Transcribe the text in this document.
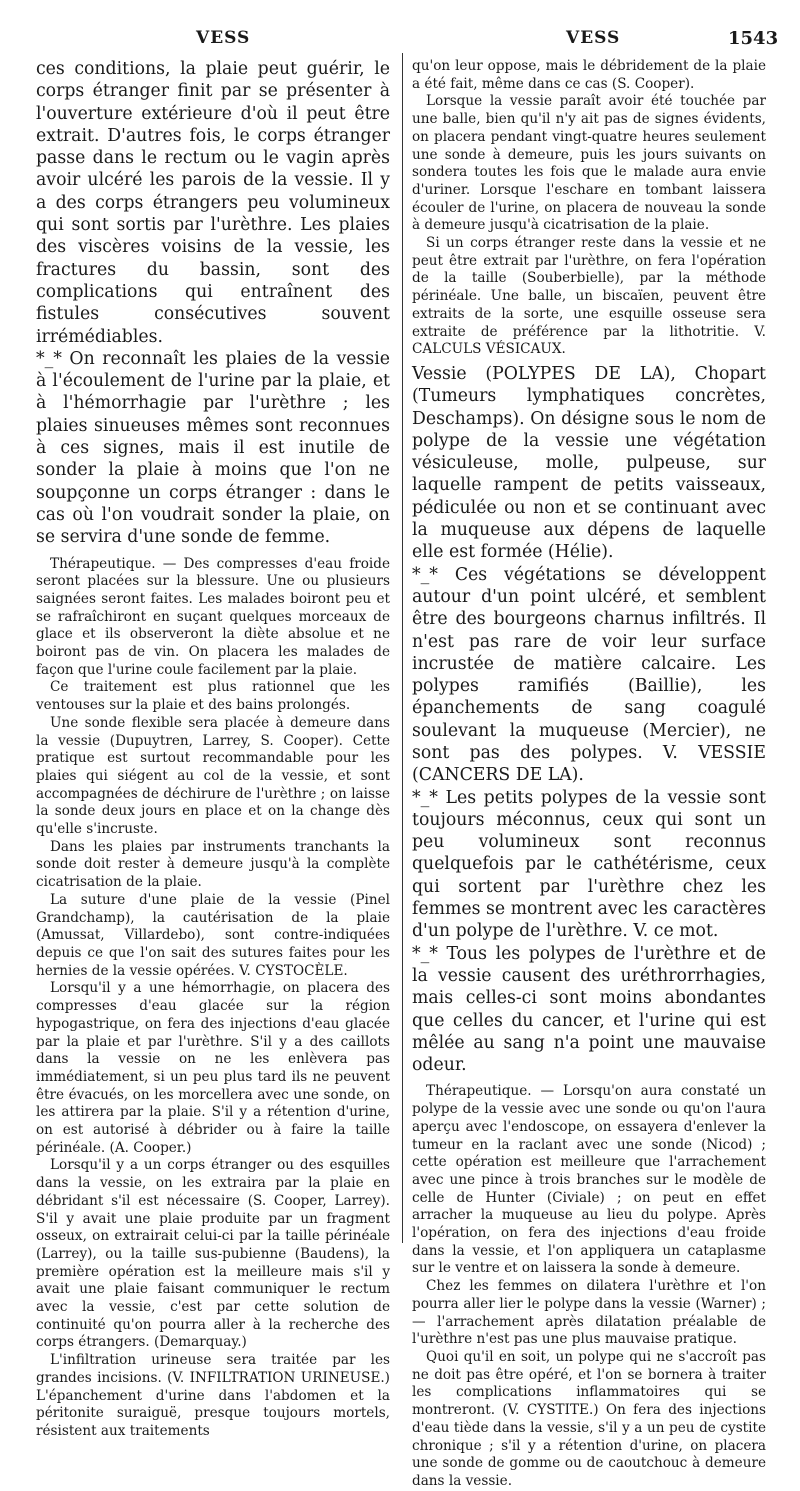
VESS	VESS	1543

ces conditions, la plaie peut guérir, le corps étranger finit par se présenter à l'ouverture extérieure d'où il peut être extrait. D'autres fois, le corps étranger passe dans le rectum ou le vagin après avoir ulcéré les parois de la vessie. Il y a des corps étrangers peu volumineux qui sont sortis par l'urèthre. Les plaies des viscères voisins de la vessie, les fractures du bassin, sont des complications qui entraînent des fistules consécutives souvent irrémédiables.

*_* On reconnaît les plaies de la vessie à l'écoulement de l'urine par la plaie, et à l'hémorrhagie par l'urèthre ; les plaies sinueuses mêmes sont reconnues à ces signes, mais il est inutile de sonder la plaie à moins que l'on ne soupçonne un corps étranger : dans le cas où l'on voudrait sonder la plaie, on se servira d'une sonde de femme.

Thérapeutique. — Des compresses d'eau froide seront placées sur la blessure. Une ou plusieurs saignées seront faites. Les malades boiront peu et se rafraîchiront en suçant quelques morceaux de glace et ils observeront la diète absolue et ne boiront pas de vin. On placera les malades de façon que l'urine coule facilement par la plaie.

Ce traitement est plus rationnel que les ventouses sur la plaie et des bains prolongés.

Une sonde flexible sera placée à demeure dans la vessie (Dupuytren, Larrey, S. Cooper). Cette pratique est surtout recommandable pour les plaies qui siégent au col de la vessie, et sont accompagnées de déchirure de l'urèthre ; on laisse la sonde deux jours en place et on la change dès qu'elle s'incruste.

Dans les plaies par instruments tranchants la sonde doit rester à demeure jusqu'à la complète cicatrisation de la plaie.

La suture d'une plaie de la vessie (Pinel Grandchamp), la cautérisation de la plaie (Amussat, Villardebo), sont contre-indiquées depuis ce que l'on sait des sutures faites pour les hernies de la vessie opérées. V. CYSTOCÈLE.

Lorsqu'il y a une hémorrhagie, on placera des compresses d'eau glacée sur la région hypogastrique, on fera des injections d'eau glacée par la plaie et par l'urèthre. S'il y a des caillots dans la vessie on ne les enlèvera pas immédiatement, si un peu plus tard ils ne peuvent être évacués, on les morcellera avec une sonde, on les attirera par la plaie. S'il y a rétention d'urine, on est autorisé à débrider ou à faire la taille périnéale. (A. Cooper.)

Lorsqu'il y a un corps étranger ou des esquilles dans la vessie, on les extraira par la plaie en débridant s'il est nécessaire (S. Cooper, Larrey). S'il y avait une plaie produite par un fragment osseux, on extrairait celui-ci par la taille périnéale (Larrey), ou la taille sus-pubienne (Baudens), la première opération est la meilleure mais s'il y avait une plaie faisant communiquer le rectum avec la vessie, c'est par cette solution de continuité qu'on pourra aller à la recherche des corps étrangers. (Demarquay.)

L'infiltration urineuse sera traitée par les grandes incisions. (V. INFILTRATION URINEUSE.) L'épanchement d'urine dans l'abdomen et la péritonite suraiguë, presque toujours mortels, résistent aux traitements

qu'on leur oppose, mais le débridement de la plaie a été fait, même dans ce cas (S. Cooper).

Lorsque la vessie paraît avoir été touchée par une balle, bien qu'il n'y ait pas de signes évidents, on placera pendant vingt-quatre heures seulement une sonde à demeure, puis les jours suivants on sondera toutes les fois que le malade aura envie d'uriner. Lorsque l'eschare en tombant laissera écouler de l'urine, on placera de nouveau la sonde à demeure jusqu'à cicatrisation de la plaie.

Si un corps étranger reste dans la vessie et ne peut être extrait par l'urèthre, on fera l'opération de la taille (Souberbielle), par la méthode périnéale. Une balle, un biscaïen, peuvent être extraits de la sorte, une esquille osseuse sera extraite de préférence par la lithotritie. V. CALCULS VÉSICAUX.

Vessie (POLYPES DE LA), Chopart (Tumeurs lymphatiques concrètes, Deschamps). On désigne sous le nom de polype de la vessie une végétation vésiculeuse, molle, pulpeuse, sur laquelle rampent de petits vaisseaux, pédiculée ou non et se continuant avec la muqueuse aux dépens de laquelle elle est formée (Hélie).

*_* Ces végétations se développent autour d'un point ulcéré, et semblent être des bourgeons charnus infiltrés. Il n'est pas rare de voir leur surface incrustée de matière calcaire. Les polypes ramifiés (Baillie), les épanchements de sang coagulé soulevant la muqueuse (Mercier), ne sont pas des polypes. V. VESSIE (CANCERS DE LA).

*_* Les petits polypes de la vessie sont toujours méconnus, ceux qui sont un peu volumineux sont reconnus quelquefois par le cathétérisme, ceux qui sortent par l'urèthre chez les femmes se montrent avec les caractères d'un polype de l'urèthre. V. ce mot.

*_* Tous les polypes de l'urèthre et de la vessie causent des uréthrorrhagies, mais celles-ci sont moins abondantes que celles du cancer, et l'urine qui est mêlée au sang n'a point une mauvaise odeur.

Thérapeutique. — Lorsqu'on aura constaté un polype de la vessie avec une sonde ou qu'on l'aura aperçu avec l'endoscope, on essayera d'enlever la tumeur en la raclant avec une sonde (Nicod) ; cette opération est meilleure que l'arrachement avec une pince à trois branches sur le modèle de celle de Hunter (Civiale) ; on peut en effet arracher la muqueuse au lieu du polype. Après l'opération, on fera des injections d'eau froide dans la vessie, et l'on appliquera un cataplasme sur le ventre et on laissera la sonde à demeure.

Chez les femmes on dilatera l'urèthre et l'on pourra aller lier le polype dans la vessie (Warner) ; — l'arrachement après dilatation préalable de l'urèthre n'est pas une plus mauvaise pratique.

Quoi qu'il en soit, un polype qui ne s'accroît pas ne doit pas être opéré, et l'on se bornera à traiter les complications inflammatoires qui se montreront. (V. CYSTITE.) On fera des injections d'eau tiède dans la vessie, s'il y a un peu de cystite chronique ; s'il y a rétention d'urine, on placera une sonde de gomme ou de caoutchouc à demeure dans la vessie.
